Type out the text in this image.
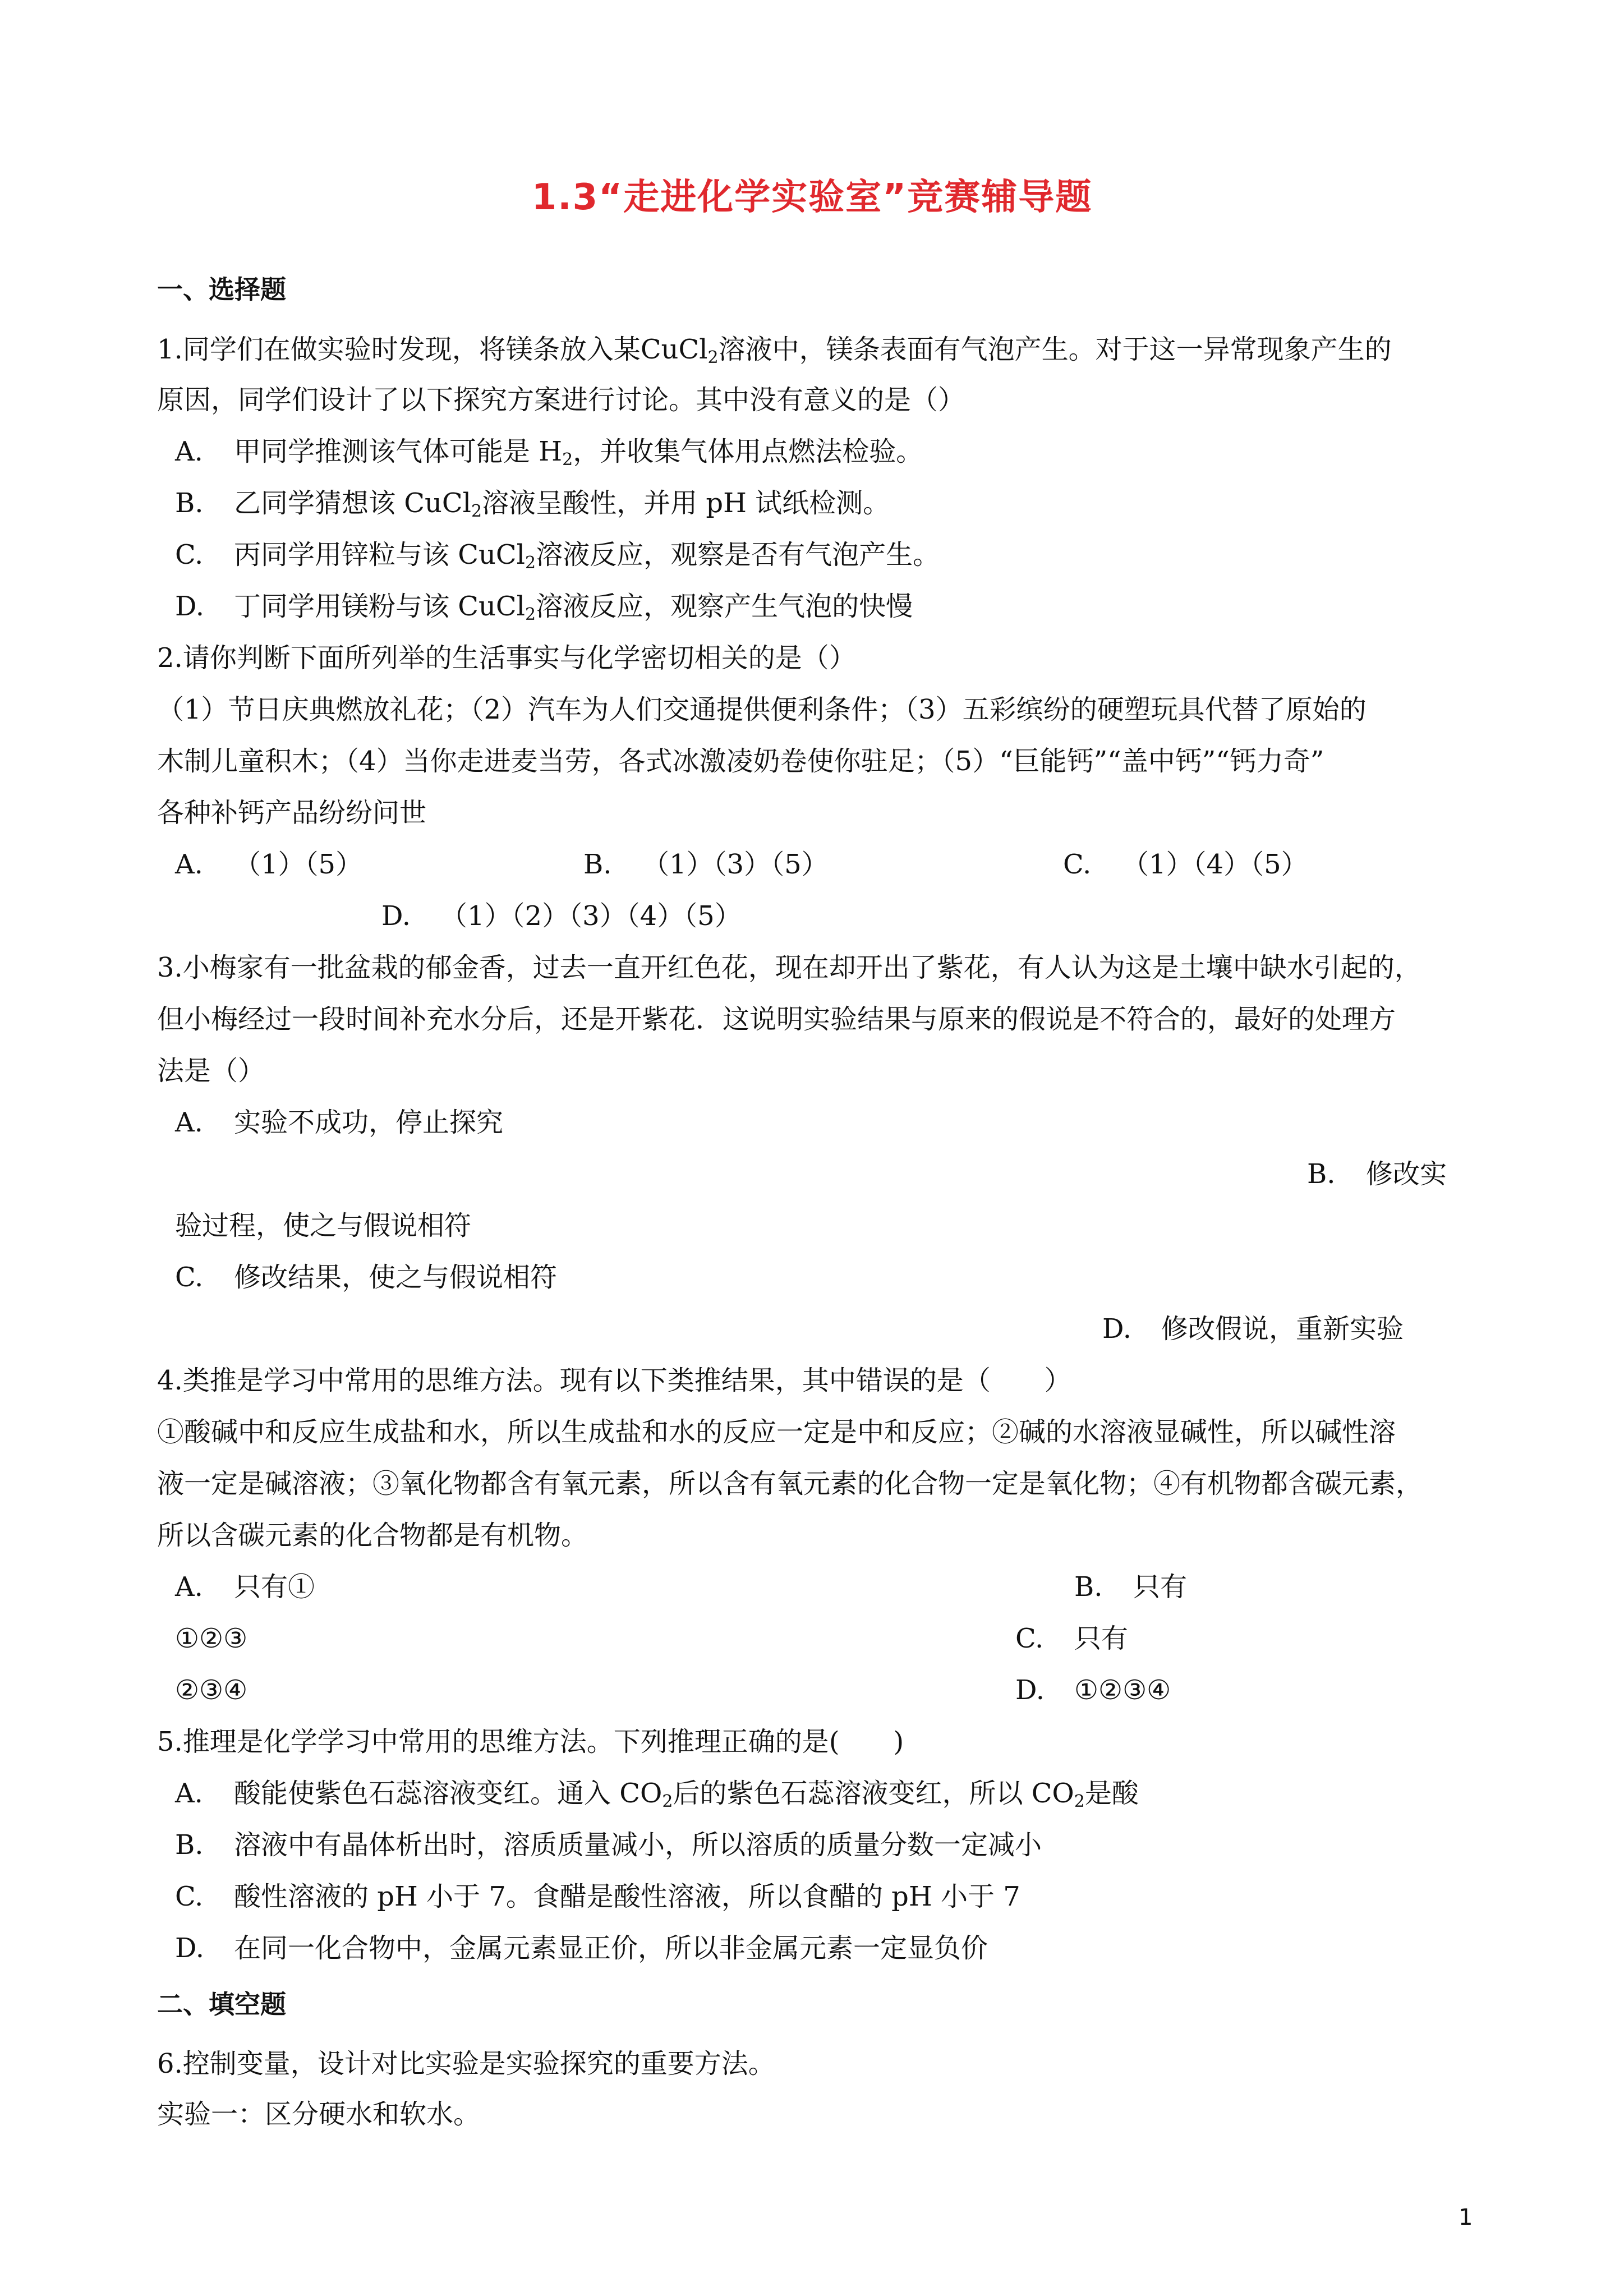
1.3“走进化学实验室”竞赛辅导题
一、选择题
1.同学们在做实验时发现，将镁条放入某CuCl$_2$溶液中，镁条表面有气泡产生。对于这一异常现象产生的
原因，同学们设计了以下探究方案进行讨论。其中没有意义的是（）
A. 甲同学推测该气体可能是 $H_2$，并收集气体用点燃法检验。
B. 乙同学猜想该 CuCl$_2$溶液呈酸性，并用 pH 试纸检测。
C. 丙同学用锌粒与该 CuCl$_2$溶液反应，观察是否有气泡产生。
D. 丁同学用镁粉与该 CuCl$_2$溶液反应，观察产生气泡的快慢
2.请你判断下面所列举的生活事实与化学密切相关的是（）
（1）节日庆典燃放礼花；（2）汽车为人们交通提供便利条件；（3）五彩缤纷的硬塑玩具代替了原始的
木制儿童积木；（4）当你走进麦当劳，各式冰激凌奶卷使你驻足；（5）“巨能钙”“盖中钙”“钙力奇”
各种补钙产品纷纷问世
A. （1）（5）	B. （1）（3）（5）	C. （1）（4）（5）
D. （1）（2）（3）（4）（5）
3.小梅家有一批盆栽的郁金香，过去一直开红色花，现在却开出了紫花，有人认为这是土壤中缺水引起的，
但小梅经过一段时间补充水分后，还是开紫花．这说明实验结果与原来的假说是不符合的，最好的处理方
法是（）
A. 实验不成功，停止探究
B. 修改实
验过程，使之与假说相符
C. 修改结果，使之与假说相符
D. 修改假说，重新实验
4.类推是学习中常用的思维方法。现有以下类推结果，其中错误的是（　　）
①酸碱中和反应生成盐和水，所以生成盐和水的反应一定是中和反应；②碱的水溶液显碱性，所以碱性溶
液一定是碱溶液；③氧化物都含有氧元素，所以含有氧元素的化合物一定是氧化物；④有机物都含碳元素，
所以含碳元素的化合物都是有机物。
A. 只有①	B. 只有
①②③	C. 只有
②③④	D. ①②③④
5.推理是化学学习中常用的思维方法。下列推理正确的是(　　)
A. 酸能使紫色石蕊溶液变红。通入 $CO_2$后的紫色石蕊溶液变红，所以 $CO_2$是酸
B. 溶液中有晶体析出时，溶质质量减小，所以溶质的质量分数一定减小
C. 酸性溶液的 pH 小于 7。食醋是酸性溶液，所以食醋的 pH 小于 7
D. 在同一化合物中，金属元素显正价，所以非金属元素一定显负价
二、填空题
6.控制变量，设计对比实验是实验探究的重要方法。
实验一：区分硬水和软水。
1
